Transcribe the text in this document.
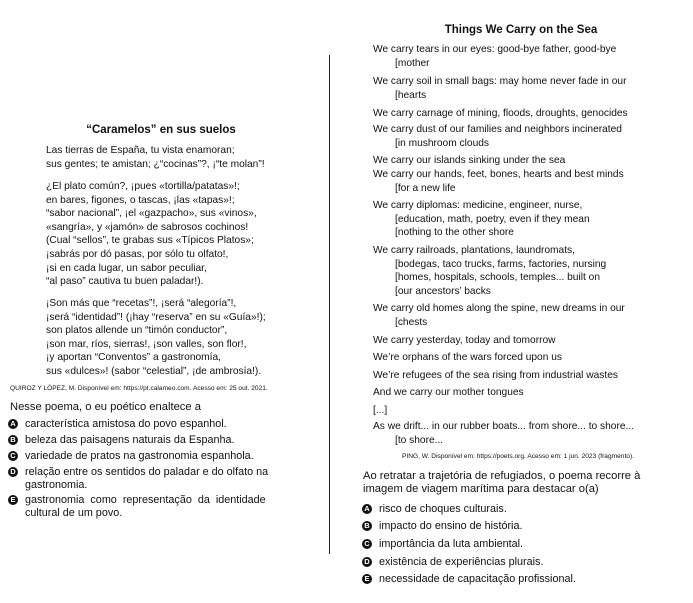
“Caramelos” en sus suelos
Las tierras de España, tu vista enamoran;
sus gentes; te amistan; ¿“cocinas”?, ¡“te molan”!
¿El plato común?, ¡pues «tortilla/patatas»!;
en bares, figones, o tascas, ¡las «tapas»!;
“sabor nacional”, ¡el «gazpacho», sus «vinos»,
«sangría», y «jamón» de sabrosos cochinos!
(Cual “sellos”, te grabas sus «Típicos Platos»;
¡sabrás por dó pasas, por sólo tu olfato!,
¡si en cada lugar, un sabor peculiar,
“al paso” cautiva tu buen paladar!).
¡Son más que “recetas”!, ¡será “alegoría”!,
¡será “identidad”! (¡hay “reserva” en su «Guía»!);
son platos allende un “timón conductor”,
¡son mar, ríos, sierras!, ¡son valles, son flor!,
¡y aportan “Conventos” a gastronomía,
sus «dulces»! (sabor “celestial”, ¡de ambrosía!).
QUIROZ Y LÓPEZ, M. Disponível em: https://pt.calameo.com. Acesso em: 25 out. 2021.
Nesse poema, o eu poético enaltece a
A característica amistosa do povo espanhol.
B beleza das paisagens naturais da Espanha.
C variedade de pratos na gastronomia espanhola.
D relação entre os sentidos do paladar e do olfato na
gastronomia.
E gastronomia  como  representação  da  identidade
cultural de um povo.
Things We Carry on the Sea
We carry tears in our eyes: good-bye father, good-bye
[mother
We carry soil in small bags: may home never fade in our
[hearts
We carry carnage of mining, floods, droughts, genocides
We carry dust of our families and neighbors incinerated
[in mushroom clouds
We carry our islands sinking under the sea
We carry our hands, feet, bones, hearts and best minds
[for a new life
We carry diplomas: medicine, engineer, nurse,
[education, math, poetry, even if they mean
[nothing to the other shore
We carry railroads, plantations, laundromats,
[bodegas, taco trucks, farms, factories, nursing
[homes, hospitals, schools, temples... built on
[our ancestors’ backs
We carry old homes along the spine, new dreams in our
[chests
We carry yesterday, today and tomorrow
We’re orphans of the wars forced upon us
We’re refugees of the sea rising from industrial wastes
And we carry our mother tongues
[...]
As we drift... in our rubber boats... from shore... to shore...
[to shore...
PING, W. Disponível em: https://poets.org. Acesso em: 1 jun. 2023 (fragmento).
Ao retratar a trajetória de refugiados, o poema recorre à
imagem de viagem marítima para destacar o(a)
A risco de choques culturais.
B impacto do ensino de história.
C importância da luta ambiental.
D existência de experiências plurais.
E necessidade de capacitação profissional.
